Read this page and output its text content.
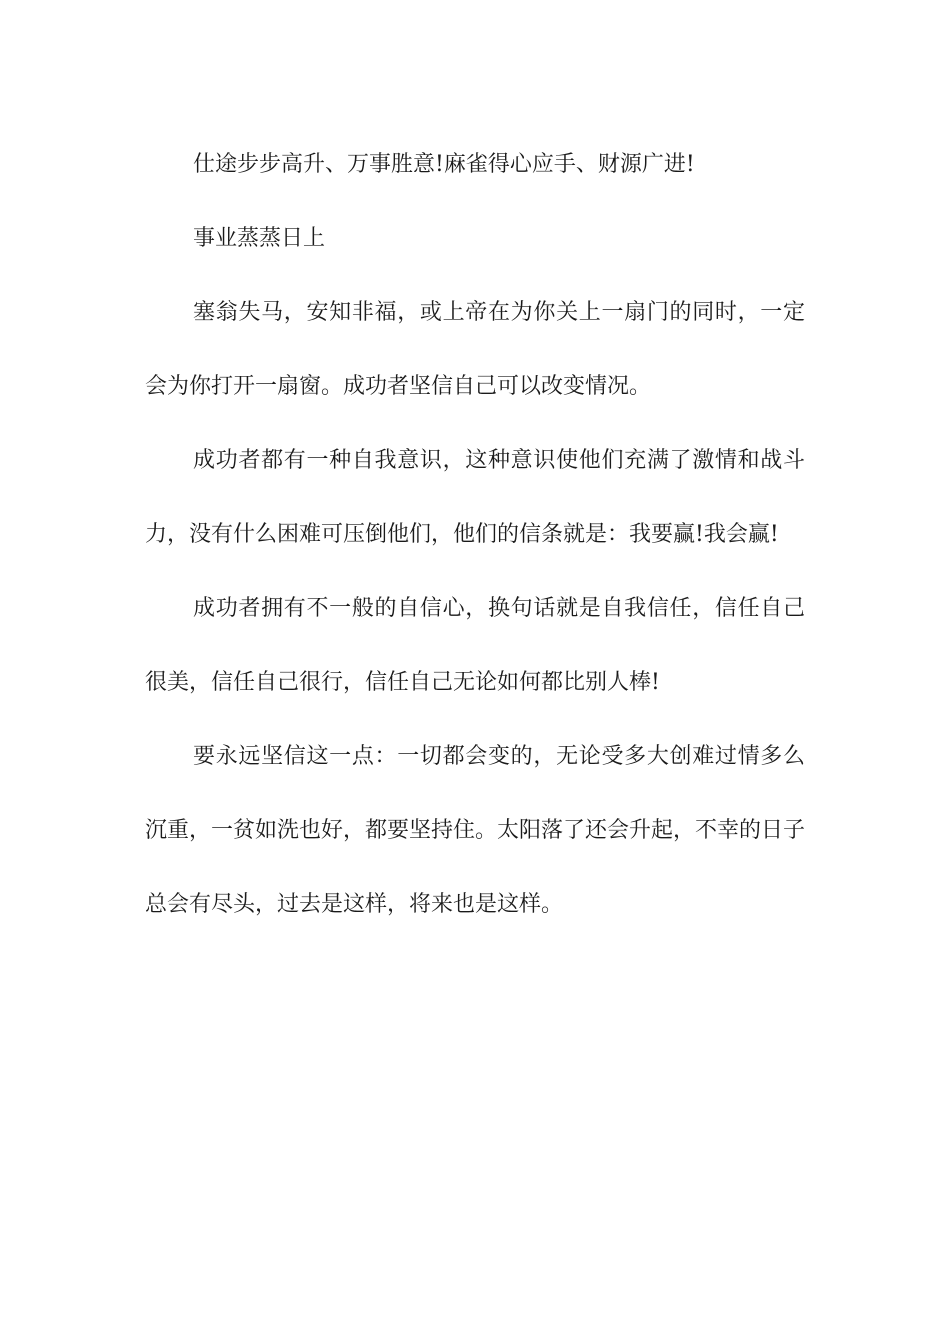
仕途步步高升、万事胜意!麻雀得心应手、财源广进!

事业蒸蒸日上

塞翁失马，安知非福，或上帝在为你关上一扇门的同时，一定会为你打开一扇窗。成功者坚信自己可以改变情况。

成功者都有一种自我意识，这种意识使他们充满了激情和战斗力，没有什么困难可压倒他们，他们的信条就是：我要赢!我会赢!

成功者拥有不一般的自信心，换句话就是自我信任，信任自己很美，信任自己很行，信任自己无论如何都比别人棒!

要永远坚信这一点：一切都会变的，无论受多大创难过情多么沉重，一贫如洗也好，都要坚持住。太阳落了还会升起，不幸的日子总会有尽头，过去是这样，将来也是这样。
